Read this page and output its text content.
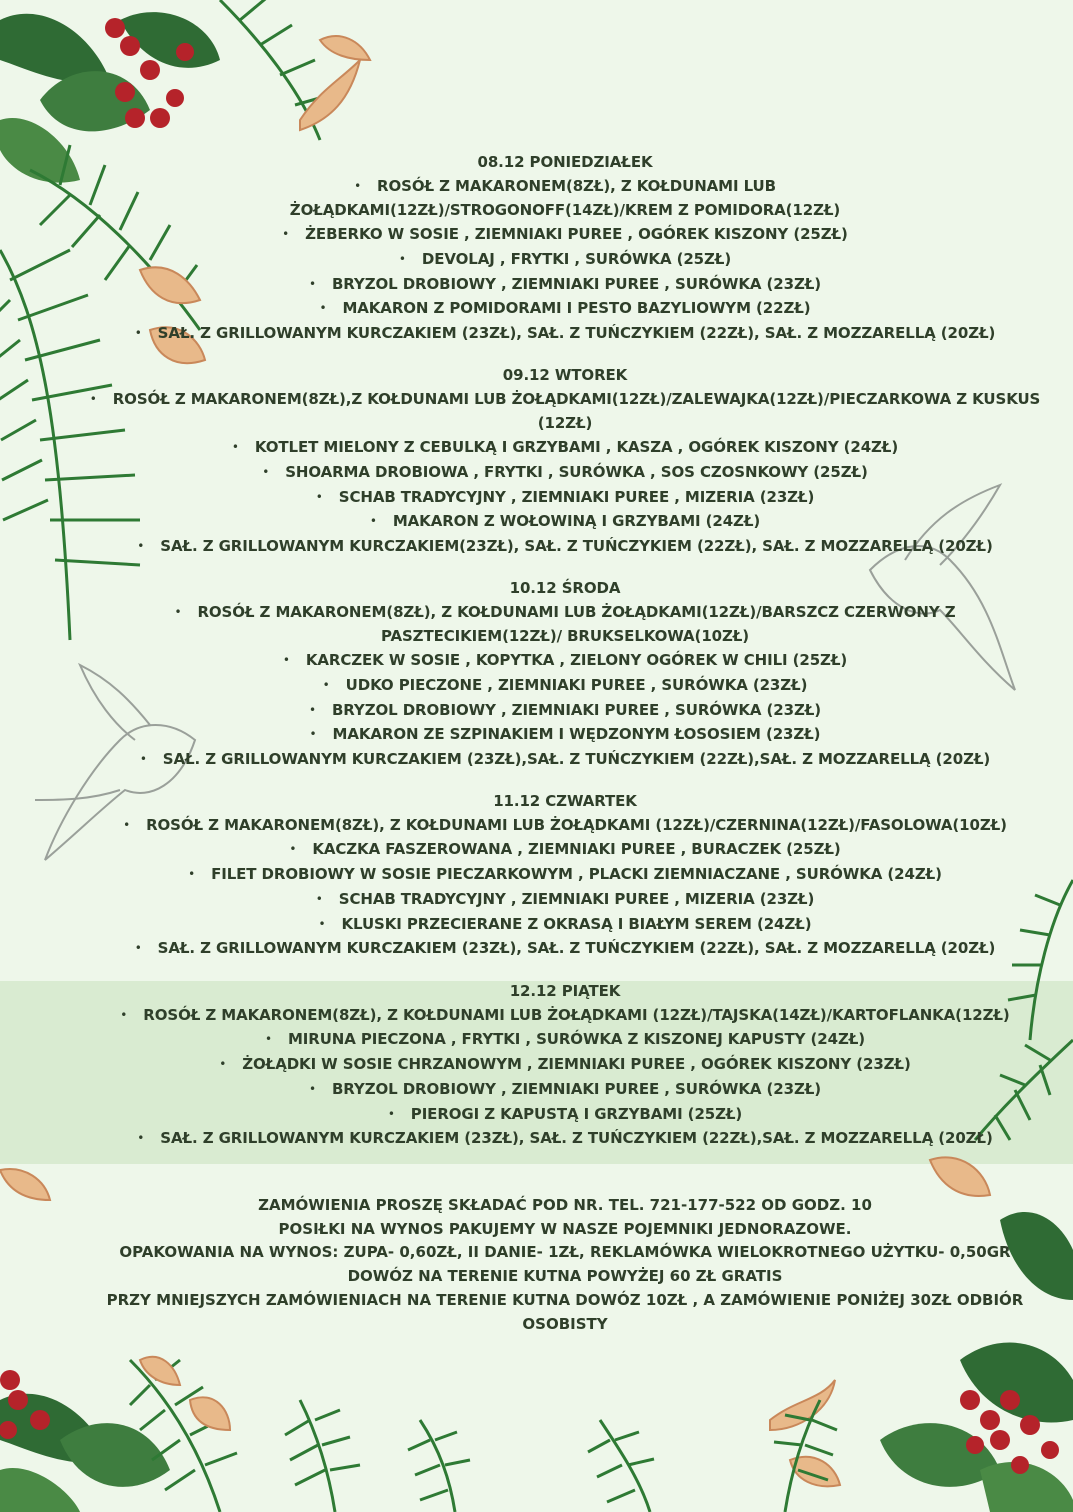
08.12 PONIEDZIAŁEK
• ROSÓŁ Z MAKARONEM(8ZŁ), Z KOŁDUNAMI LUB ŻOŁĄDKAMI(12ZŁ)/STROGONOFF(14ZŁ)/KREM Z POMIDORA(12ZŁ)
• ŻEBERKO W SOSIE , ZIEMNIAKI PUREE , OGÓREK KISZONY (25ZŁ)
• DEVOLAJ , FRYTKI , SURÓWKA (25ZŁ)
• BRYZOL DROBIOWY , ZIEMNIAKI PUREE , SURÓWKA (23ZŁ)
• MAKARON Z POMIDORAMI I PESTO BAZYLIOWYM (22ZŁ)
• SAŁ. Z GRILLOWANYM KURCZAKIEM (23ZŁ), SAŁ. Z TUŃCZYKIEM (22ZŁ), SAŁ. Z MOZZARELLĄ (20ZŁ)
09.12 WTOREK
• ROSÓŁ Z MAKARONEM(8ZŁ),Z KOŁDUNAMI LUB ŻOŁĄDKAMI(12ZŁ)/ZALEWAJKA(12ZŁ)/PIECZARKOWA Z KUSKUS (12ZŁ)
• KOTLET MIELONY Z CEBULKĄ I GRZYBAMI , KASZA , OGÓREK KISZONY (24ZŁ)
• SHOARMA DROBIOWA , FRYTKI , SURÓWKA , SOS CZOSNKOWY (25ZŁ)
• SCHAB TRADYCYJNY , ZIEMNIAKI PUREE , MIZERIA (23ZŁ)
• MAKARON Z WOŁOWINĄ I GRZYBAMI (24ZŁ)
• SAŁ. Z GRILLOWANYM KURCZAKIEM(23ZŁ), SAŁ. Z TUŃCZYKIEM (22ZŁ), SAŁ. Z MOZZARELLĄ (20ZŁ)
10.12 ŚRODA
• ROSÓŁ Z MAKARONEM(8ZŁ), Z KOŁDUNAMI LUB ŻOŁĄDKAMI(12ZŁ)/BARSZCZ CZERWONY Z PASZTECIKIEM(12ZŁ)/ BRUKSELKOWA(10ZŁ)
• KARCZEK W SOSIE , KOPYTKA , ZIELONY OGÓREK W CHILI (25ZŁ)
• UDKO PIECZONE , ZIEMNIAKI PUREE , SURÓWKA (23ZŁ)
• BRYZOL DROBIOWY , ZIEMNIAKI PUREE , SURÓWKA (23ZŁ)
• MAKARON ZE SZPINAKIEM I WĘDZONYM ŁOSOSIEM (23ZŁ)
• SAŁ. Z GRILLOWANYM KURCZAKIEM (23ZŁ),SAŁ. Z TUŃCZYKIEM (22ZŁ),SAŁ. Z MOZZARELLĄ (20ZŁ)
11.12 CZWARTEK
• ROSÓŁ Z MAKARONEM(8ZŁ), Z KOŁDUNAMI LUB ŻOŁĄDKAMI (12ZŁ)/CZERNINA(12ZŁ)/FASOLOWA(10ZŁ)
• KACZKA FASZEROWANA , ZIEMNIAKI PUREE , BURACZEK (25ZŁ)
• FILET DROBIOWY W SOSIE PIECZARKOWYM , PLACKI ZIEMNIACZANE , SURÓWKA (24ZŁ)
• SCHAB TRADYCYJNY , ZIEMNIAKI PUREE , MIZERIA (23ZŁ)
• KLUSKI PRZECIERANE Z OKRASĄ I BIAŁYM SEREM (24ZŁ)
• SAŁ. Z GRILLOWANYM KURCZAKIEM (23ZŁ), SAŁ. Z TUŃCZYKIEM (22ZŁ), SAŁ. Z MOZZARELLĄ (20ZŁ)
12.12 PIĄTEK
• ROSÓŁ Z MAKARONEM(8ZŁ), Z KOŁDUNAMI LUB ŻOŁĄDKAMI (12ZŁ)/TAJSKA(14ZŁ)/KARTOFLANKA(12ZŁ)
• MIRUNA PIECZONA , FRYTKI , SURÓWKA Z KISZONEJ KAPUSTY (24ZŁ)
• ŻOŁĄDKI W SOSIE CHRZANOWYM , ZIEMNIAKI PUREE , OGÓREK KISZONY (23ZŁ)
• BRYZOL DROBIOWY , ZIEMNIAKI PUREE , SURÓWKA (23ZŁ)
• PIEROGI Z KAPUSTĄ I GRZYBAMI (25ZŁ)
• SAŁ. Z GRILLOWANYM KURCZAKIEM (23ZŁ), SAŁ. Z TUŃCZYKIEM (22ZŁ),SAŁ. Z MOZZARELLĄ (20ZŁ)
ZAMÓWIENIA PROSZĘ SKŁADAĆ POD NR. TEL. 721-177-522 OD GODZ. 10
POSIŁKI NA WYNOS PAKUJEMY W NASZE POJEMNIKI JEDNORAZOWE.
OPAKOWANIA NA WYNOS: ZUPA- 0,60ZŁ, II DANIE- 1ZŁ, REKLAMÓWKA WIELOKROTNEGO UŻYTKU- 0,50GR
DOWÓZ NA TERENIE KUTNA POWYŻEJ 60 ZŁ GRATIS
PRZY MNIEJSZYCH ZAMÓWIENIACH NA TERENIE KUTNA DOWÓZ 10ZŁ , A ZAMÓWIENIE PONIŻEJ 30ZŁ ODBIÓR OSOBISTY
